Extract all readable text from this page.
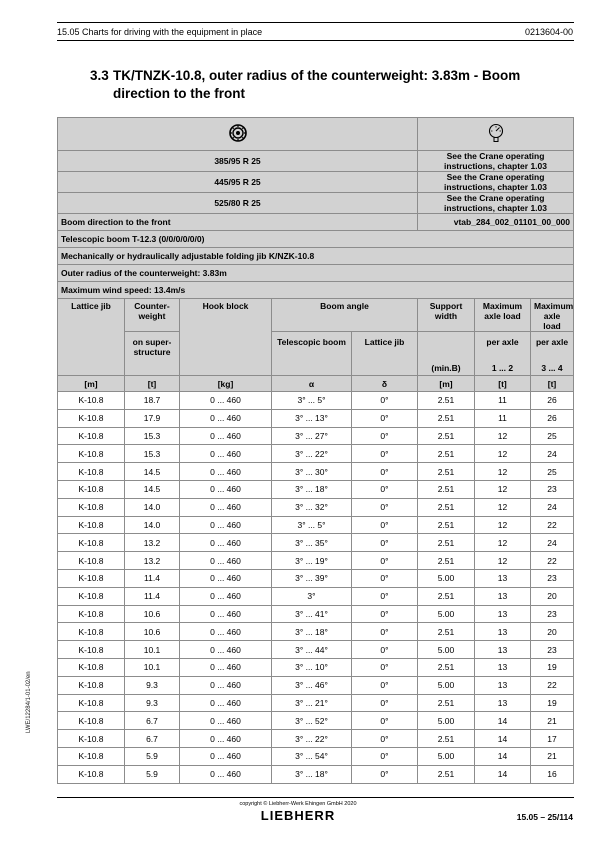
15.05 Charts for driving with the equipment in place	0213604-00
3.3 TK/TNZK-10.8, outer radius of the counterweight: 3.83m - Boom direction to the front
LWE/12284/1-01-02/en

385/95 R 25					See the Crane operating instructions, chapter 1.03		
445/95 R 25					See the Crane operating instructions, chapter 1.03		
525/80 R 25					See the Crane operating instructions, chapter 1.03		
Boom direction to the front					vtab_284_002_01101_00_000		
Telescopic boom T-12.3 (0/0/0/0/0/0)							
Mechanically or hydraulically adjustable folding jib K/NZK-10.8							
Outer radius of the counterweight: 3.83m							
Maximum wind speed: 13.4m/s							
Lattice jib	Counter-weight	Hook block	Boom angle		Support width	Maximum axle load	Maximum axle load
	on super-structure		Telescopic boom	Lattice jib		per axle	per axle
					(min.B)	1 ... 2	3 ... 4
[m]	[t]	[kg]	α	δ	[m]	[t]	[t]
K-10.8	18.7	0 ... 460	3° ... 5°	0°	2.51	11	26
K-10.8	17.9	0 ... 460	3° ... 13°	0°	2.51	11	26
K-10.8	15.3	0 ... 460	3° ... 27°	0°	2.51	12	25
K-10.8	15.3	0 ... 460	3° ... 22°	0°	2.51	12	24
K-10.8	14.5	0 ... 460	3° ... 30°	0°	2.51	12	25
K-10.8	14.5	0 ... 460	3° ... 18°	0°	2.51	12	23
K-10.8	14.0	0 ... 460	3° ... 32°	0°	2.51	12	24
K-10.8	14.0	0 ... 460	3° ... 5°	0°	2.51	12	22
K-10.8	13.2	0 ... 460	3° ... 35°	0°	2.51	12	24
K-10.8	13.2	0 ... 460	3° ... 19°	0°	2.51	12	22
K-10.8	11.4	0 ... 460	3° ... 39°	0°	5.00	13	23
K-10.8	11.4	0 ... 460	3°	0°	2.51	13	20
K-10.8	10.6	0 ... 460	3° ... 41°	0°	5.00	13	23
K-10.8	10.6	0 ... 460	3° ... 18°	0°	2.51	13	20
K-10.8	10.1	0 ... 460	3° ... 44°	0°	5.00	13	23
K-10.8	10.1	0 ... 460	3° ... 10°	0°	2.51	13	19
K-10.8	9.3	0 ... 460	3° ... 46°	0°	5.00	13	22
K-10.8	9.3	0 ... 460	3° ... 21°	0°	2.51	13	19
K-10.8	6.7	0 ... 460	3° ... 52°	0°	5.00	14	21
K-10.8	6.7	0 ... 460	3° ... 22°	0°	2.51	14	17
K-10.8	5.9	0 ... 460	3° ... 54°	0°	5.00	14	21
K-10.8	5.9	0 ... 460	3° ... 18°	0°	2.51	14	16
copyright © Liebherr-Werk Ehingen GmbH 2020
LIEBHERR	15.05 – 25/114
